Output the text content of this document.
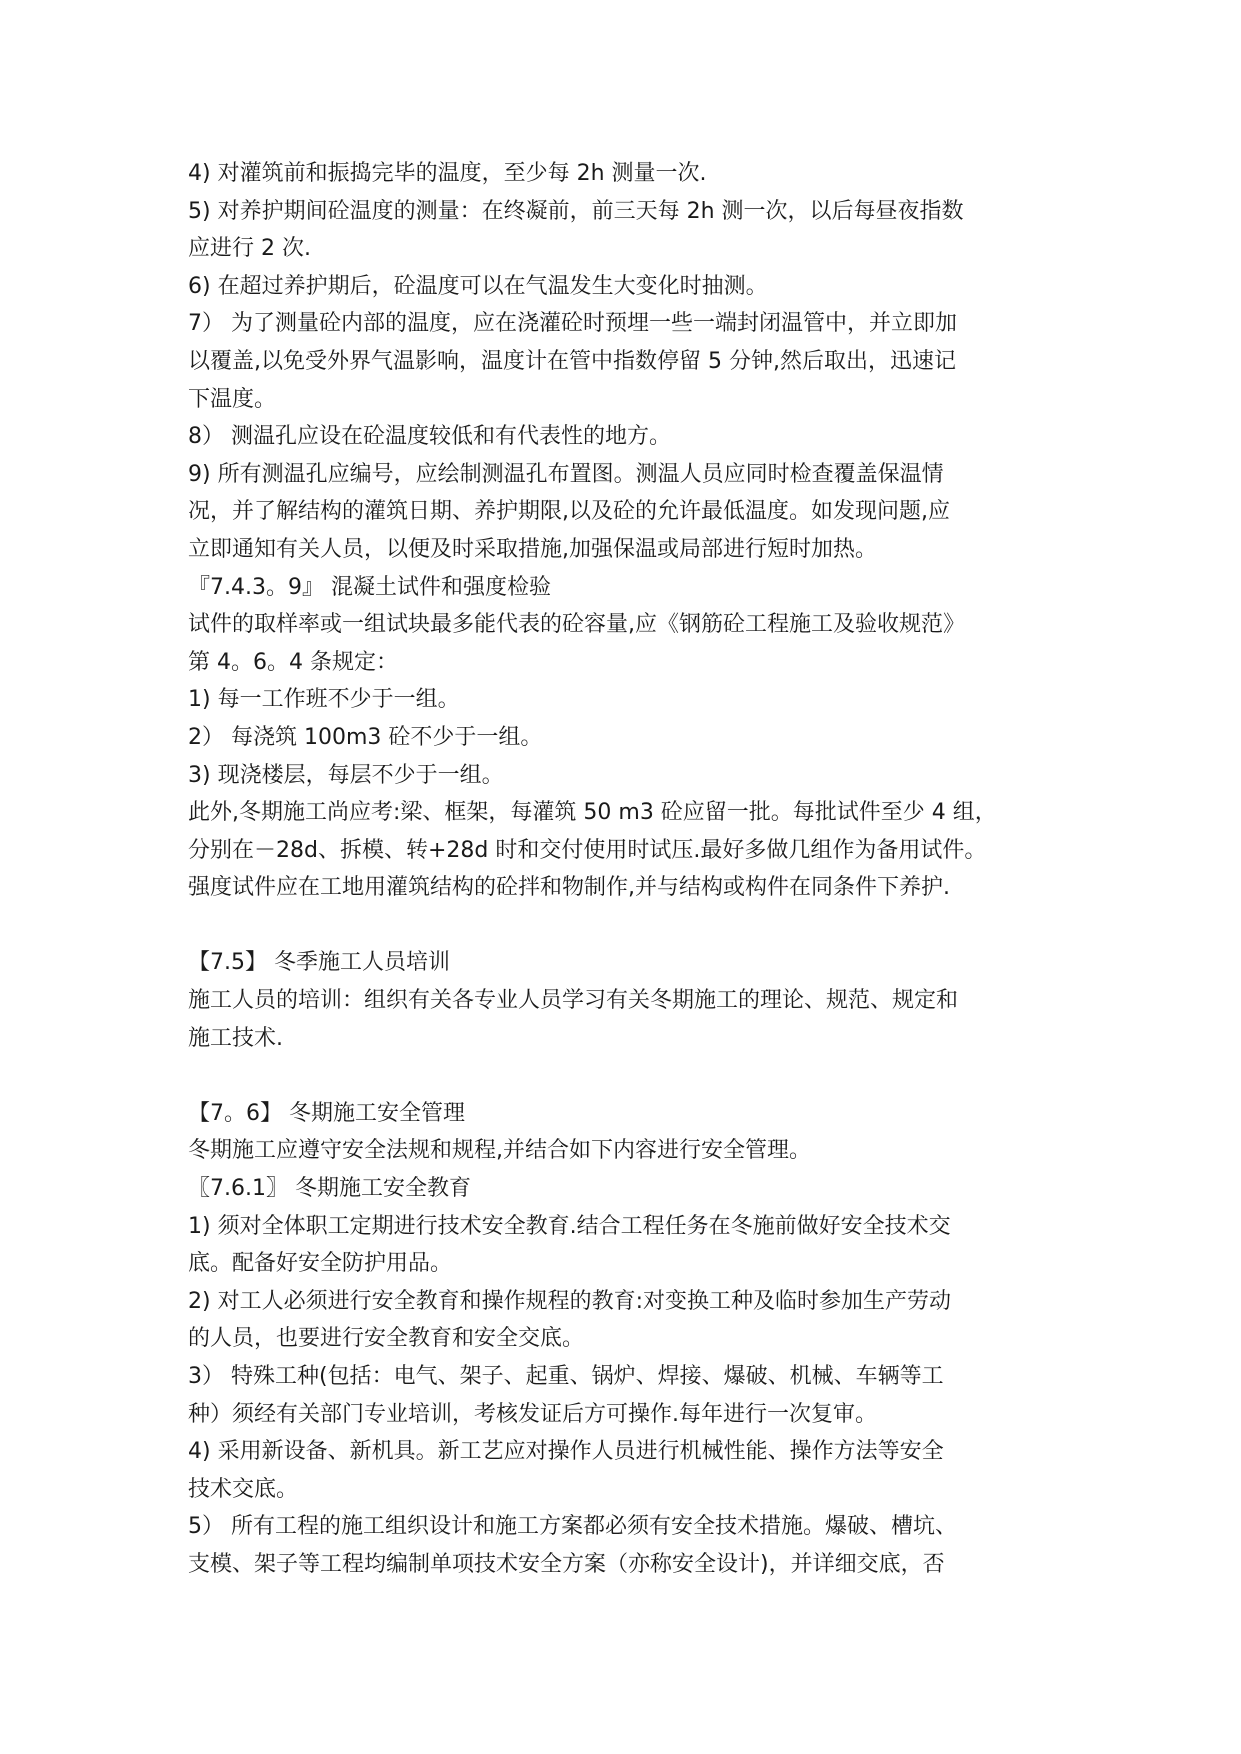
4) 对灌筑前和振捣完毕的温度，至少每 2h 测量一次.
5) 对养护期间砼温度的测量：在终凝前，前三天每 2h 测一次，以后每昼夜指数
应进行 2 次.
6) 在超过养护期后，砼温度可以在气温发生大变化时抽测。
7） 为了测量砼内部的温度，应在浇灌砼时预埋一些一端封闭温管中，并立即加
以覆盖,以免受外界气温影响，温度计在管中指数停留 5 分钟,然后取出，迅速记
下温度。
8） 测温孔应设在砼温度较低和有代表性的地方。
9) 所有测温孔应编号，应绘制测温孔布置图。测温人员应同时检查覆盖保温情
况，并了解结构的灌筑日期、养护期限,以及砼的允许最低温度。如发现问题,应
立即通知有关人员，以便及时采取措施,加强保温或局部进行短时加热。
『7.4.3。9』 混凝土试件和强度检验
试件的取样率或一组试块最多能代表的砼容量,应《钢筋砼工程施工及验收规范》
第 4。6。4 条规定：
1) 每一工作班不少于一组。
2） 每浇筑 100m3 砼不少于一组。
3) 现浇楼层，每层不少于一组。
此外,冬期施工尚应考:梁、框架，每灌筑 50 m3 砼应留一批。每批试件至少 4 组，
分别在－28d、拆模、转+28d 时和交付使用时试压.最好多做几组作为备用试件。
强度试件应在工地用灌筑结构的砼拌和物制作,并与结构或构件在同条件下养护.
【7.5】 冬季施工人员培训
施工人员的培训：组织有关各专业人员学习有关冬期施工的理论、规范、规定和
施工技术.
【7。6】 冬期施工安全管理
冬期施工应遵守安全法规和规程,并结合如下内容进行安全管理。
〖7.6.1〗 冬期施工安全教育
1) 须对全体职工定期进行技术安全教育.结合工程任务在冬施前做好安全技术交
底。配备好安全防护用品。
2) 对工人必须进行安全教育和操作规程的教育:对变换工种及临时参加生产劳动
的人员，也要进行安全教育和安全交底。
3） 特殊工种(包括：电气、架子、起重、锅炉、焊接、爆破、机械、车辆等工
种）须经有关部门专业培训，考核发证后方可操作.每年进行一次复审。
4) 采用新设备、新机具。新工艺应对操作人员进行机械性能、操作方法等安全
技术交底。
5） 所有工程的施工组织设计和施工方案都必须有安全技术措施。爆破、槽坑、
支模、架子等工程均编制单项技术安全方案（亦称安全设计)，并详细交底，否
